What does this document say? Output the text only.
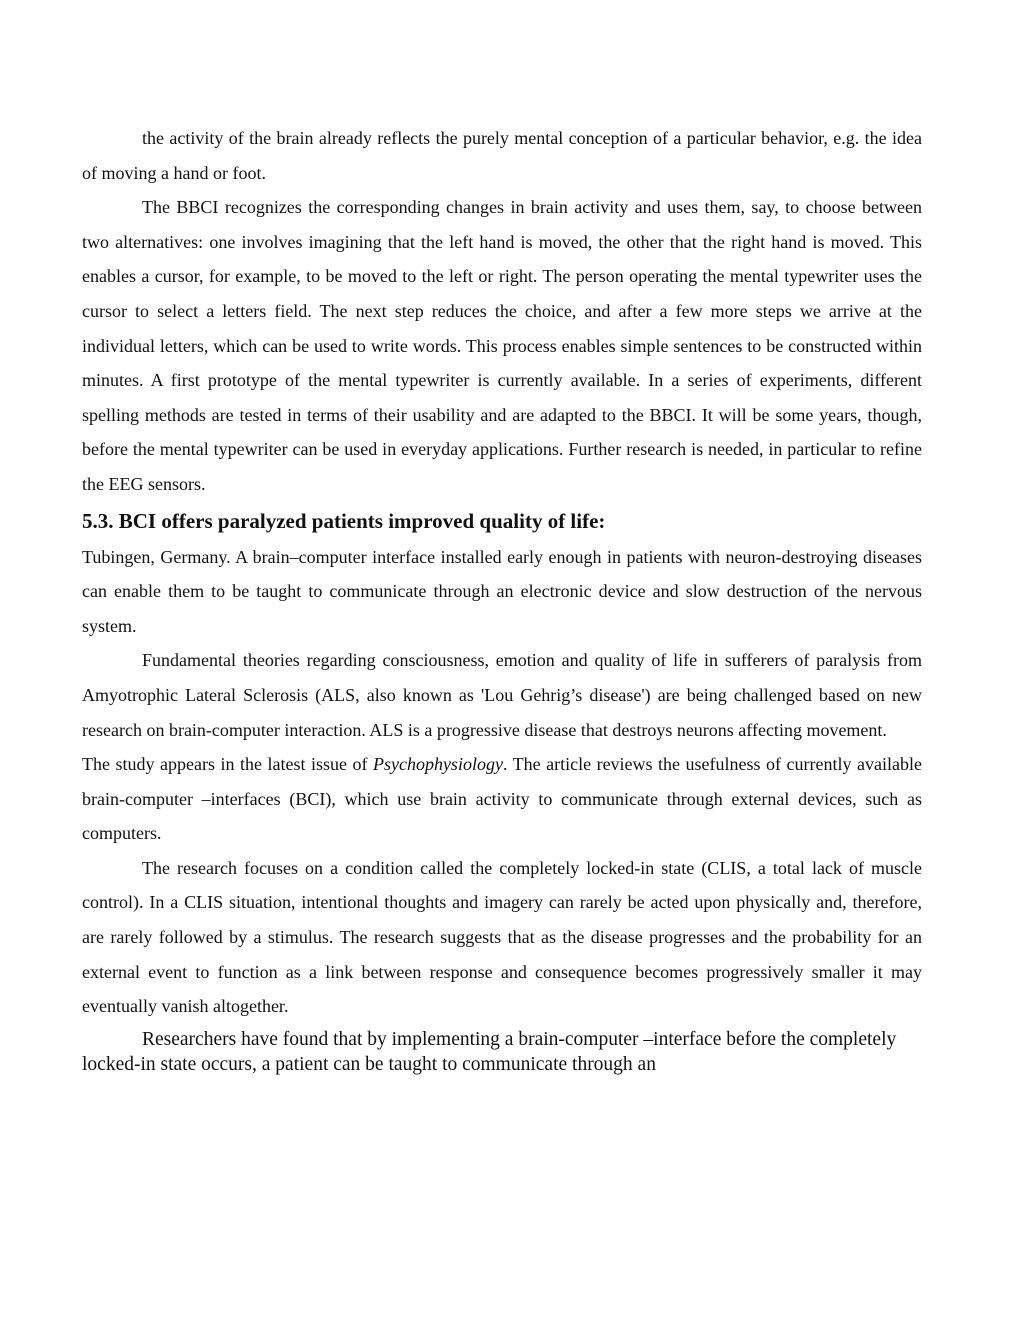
the activity of the brain already reflects the purely mental conception of a particular behavior, e.g. the idea of moving a hand or foot.

The BBCI recognizes the corresponding changes in brain activity and uses them, say, to choose between two alternatives: one involves imagining that the left hand is moved, the other that the right hand is moved. This enables a cursor, for example, to be moved to the left or right. The person operating the mental typewriter uses the cursor to select a letters field. The next step reduces the choice, and after a few more steps we arrive at the individual letters, which can be used to write words. This process enables simple sentences to be constructed within minutes. A first prototype of the mental typewriter is currently available. In a series of experiments, different spelling methods are tested in terms of their usability and are adapted to the BBCI. It will be some years, though, before the mental typewriter can be used in everyday applications. Further research is needed, in particular to refine the EEG sensors.

5.3. BCI offers paralyzed patients improved quality of life:

Tubingen, Germany. A brain–computer interface installed early enough in patients with neuron-destroying diseases can enable them to be taught to communicate through an electronic device and slow destruction of the nervous system.

Fundamental theories regarding consciousness, emotion and quality of life in sufferers of paralysis from Amyotrophic Lateral Sclerosis (ALS, also known as 'Lou Gehrig’s disease') are being challenged based on new research on brain-computer interaction. ALS is a progressive disease that destroys neurons affecting movement.

The study appears in the latest issue of Psychophysiology. The article reviews the usefulness of currently available brain-computer –interfaces (BCI), which use brain activity to communicate through external devices, such as computers.

The research focuses on a condition called the completely locked-in state (CLIS, a total lack of muscle control). In a CLIS situation, intentional thoughts and imagery can rarely be acted upon physically and, therefore, are rarely followed by a stimulus. The research suggests that as the disease progresses and the probability for an external event to function as a link between response and consequence becomes progressively smaller it may eventually vanish altogether.

Researchers have found that by implementing a brain-computer –interface before the completely locked-in state occurs, a patient can be taught to communicate through an
